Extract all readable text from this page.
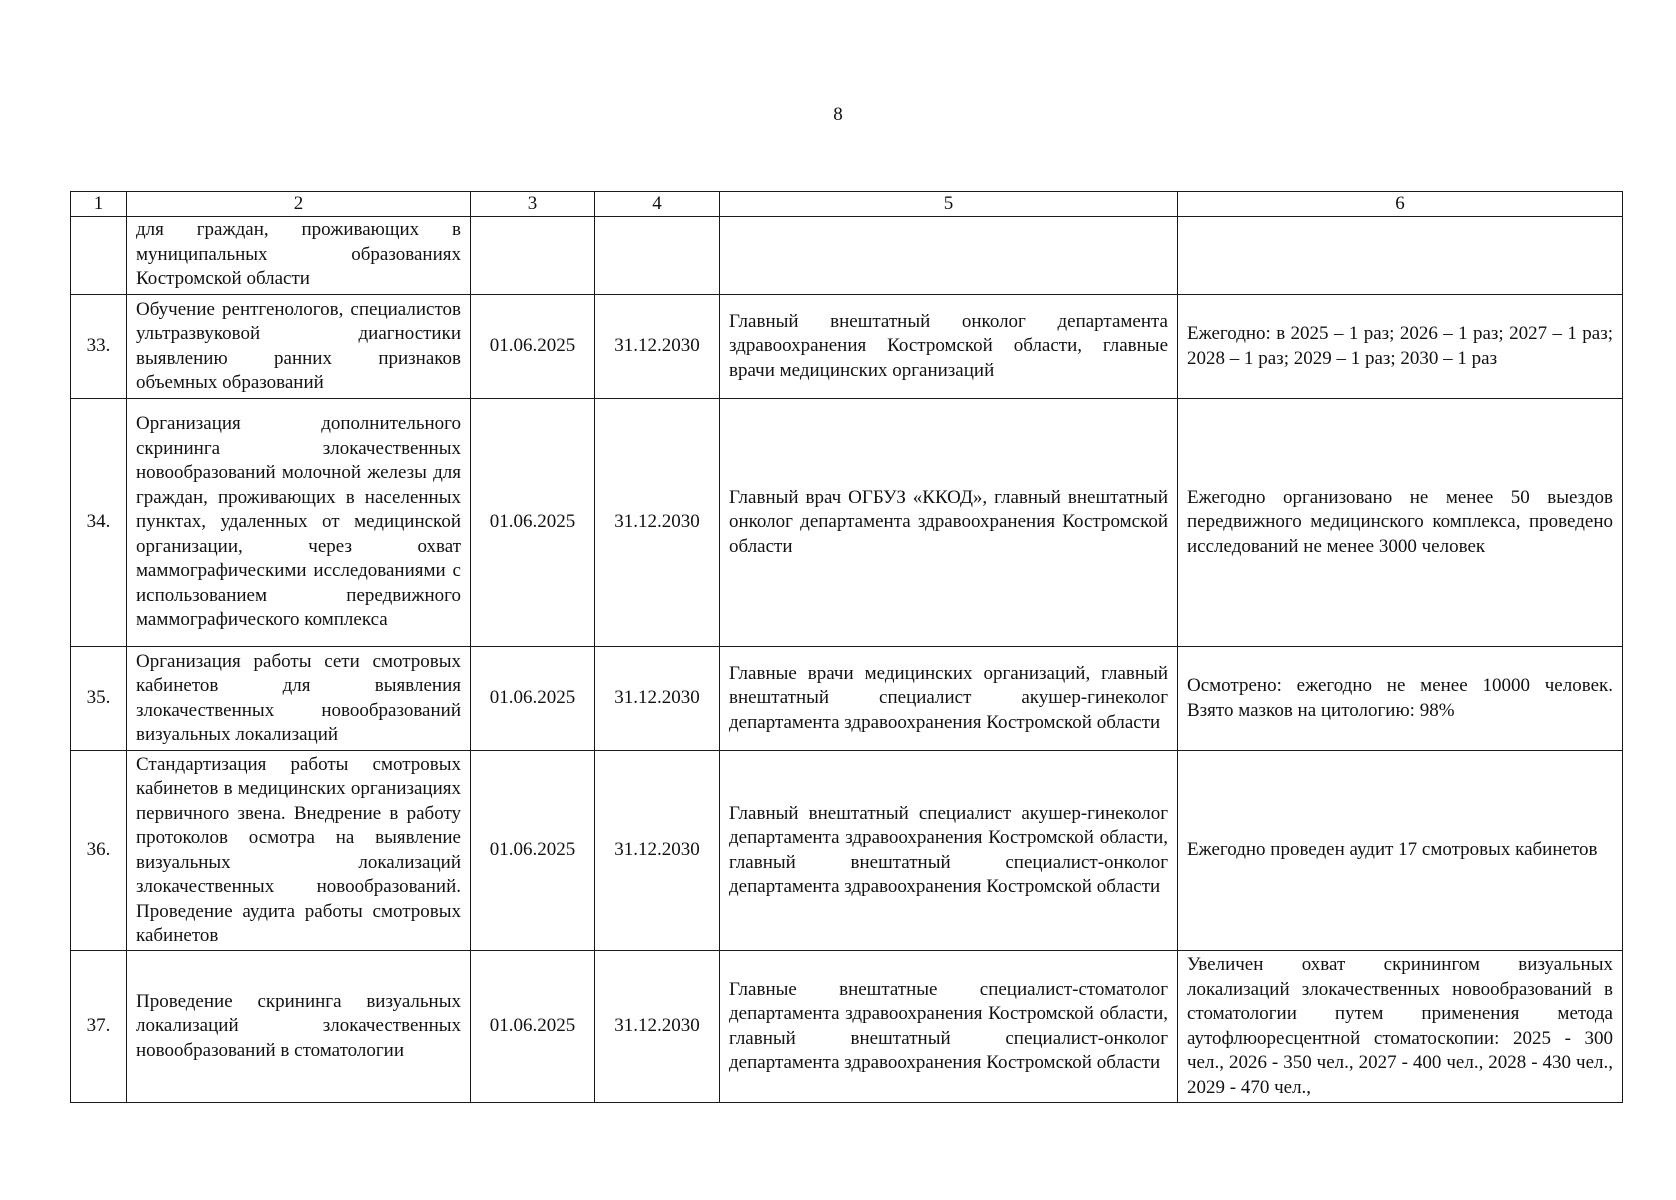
8
1	2	3	4	5	6
	для граждан, проживающих в муниципальных образованиях Костромской области				
33.	Обучение рентгенологов, специалистов ультразвуковой диагностики выявлению ранних признаков объемных образований	01.06.2025	31.12.2030	Главный внештатный онколог департамента здравоохранения Костромской области, главные врачи медицинских организаций	Ежегодно: в 2025 – 1 раз; 2026 – 1 раз; 2027 – 1 раз; 2028 – 1 раз; 2029 – 1 раз; 2030 – 1 раз
34.	Организация дополнительного скрининга злокачественных новообразований молочной железы для граждан, проживающих в населенных пунктах, удаленных от медицинской организации, через охват маммографическими исследованиями с использованием передвижного маммографического комплекса	01.06.2025	31.12.2030	Главный врач ОГБУЗ «ККОД», главный внештатный онколог департамента здравоохранения Костромской области	Ежегодно организовано не менее 50 выездов передвижного медицинского комплекса, проведено исследований не менее 3000 человек
35.	Организация работы сети смотровых кабинетов для выявления злокачественных новообразований визуальных локализаций	01.06.2025	31.12.2030	Главные врачи медицинских организаций, главный внештатный специалист акушер-гинеколог департамента здравоохранения Костромской области	Осмотрено: ежегодно не менее 10000 человек. Взято мазков на цитологию: 98%
36.	Стандартизация работы смотровых кабинетов в медицинских организациях первичного звена. Внедрение в работу протоколов осмотра на выявление визуальных локализаций злокачественных новообразований. Проведение аудита работы смотровых кабинетов	01.06.2025	31.12.2030	Главный внештатный специалист акушер-гинеколог департамента здравоохранения Костромской области, главный внештатный специалист-онколог департамента здравоохранения Костромской области	Ежегодно проведен аудит 17 смотровых кабинетов
37.	Проведение скрининга визуальных локализаций злокачественных новообразований в стоматологии	01.06.2025	31.12.2030	Главные внештатные специалист-стоматолог департамента здравоохранения Костромской области, главный внештатный специалист-онколог департамента здравоохранения Костромской области	Увеличен охват скринингом визуальных локализаций злокачественных новообразований в стоматологии путем применения метода аутофлюоресцентной стоматоскопии: 2025 - 300 чел., 2026 - 350 чел., 2027 - 400 чел., 2028 - 430 чел., 2029 - 470 чел.,
